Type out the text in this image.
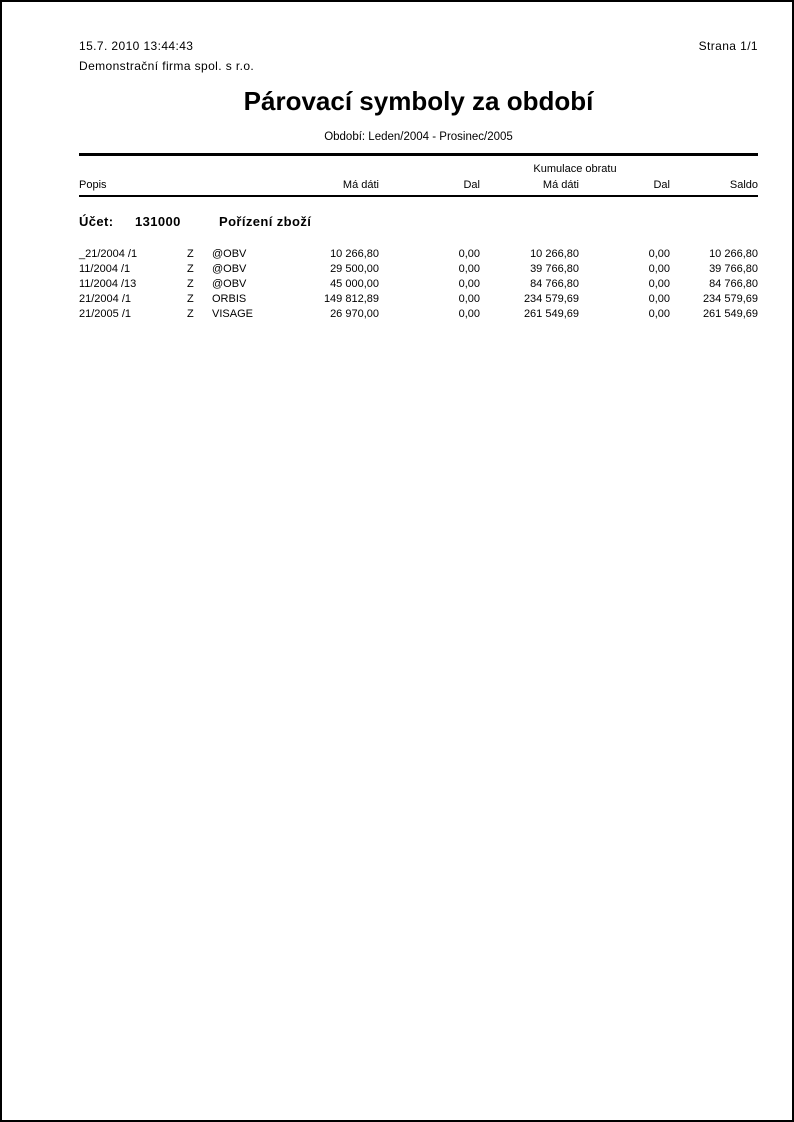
15.7. 2010 13:44:43	Strana 1/1
Demonstrační firma spol. s r.o.
Párovací symboly za období
Období: Leden/2004 - Prosinec/2005
Kumulace obratu
Popis	Má dáti	Dal	Má dáti	Dal	Saldo
Účet: 131000	Pořízení zboží
_21/2004 /1	Z	@OBV	10 266,80	0,00	10 266,80	0,00	10 266,80
11/2004 /1	Z	@OBV	29 500,00	0,00	39 766,80	0,00	39 766,80
11/2004 /13	Z	@OBV	45 000,00	0,00	84 766,80	0,00	84 766,80
21/2004 /1	Z	ORBIS	149 812,89	0,00	234 579,69	0,00	234 579,69
21/2005 /1	Z	VISAGE	26 970,00	0,00	261 549,69	0,00	261 549,69
